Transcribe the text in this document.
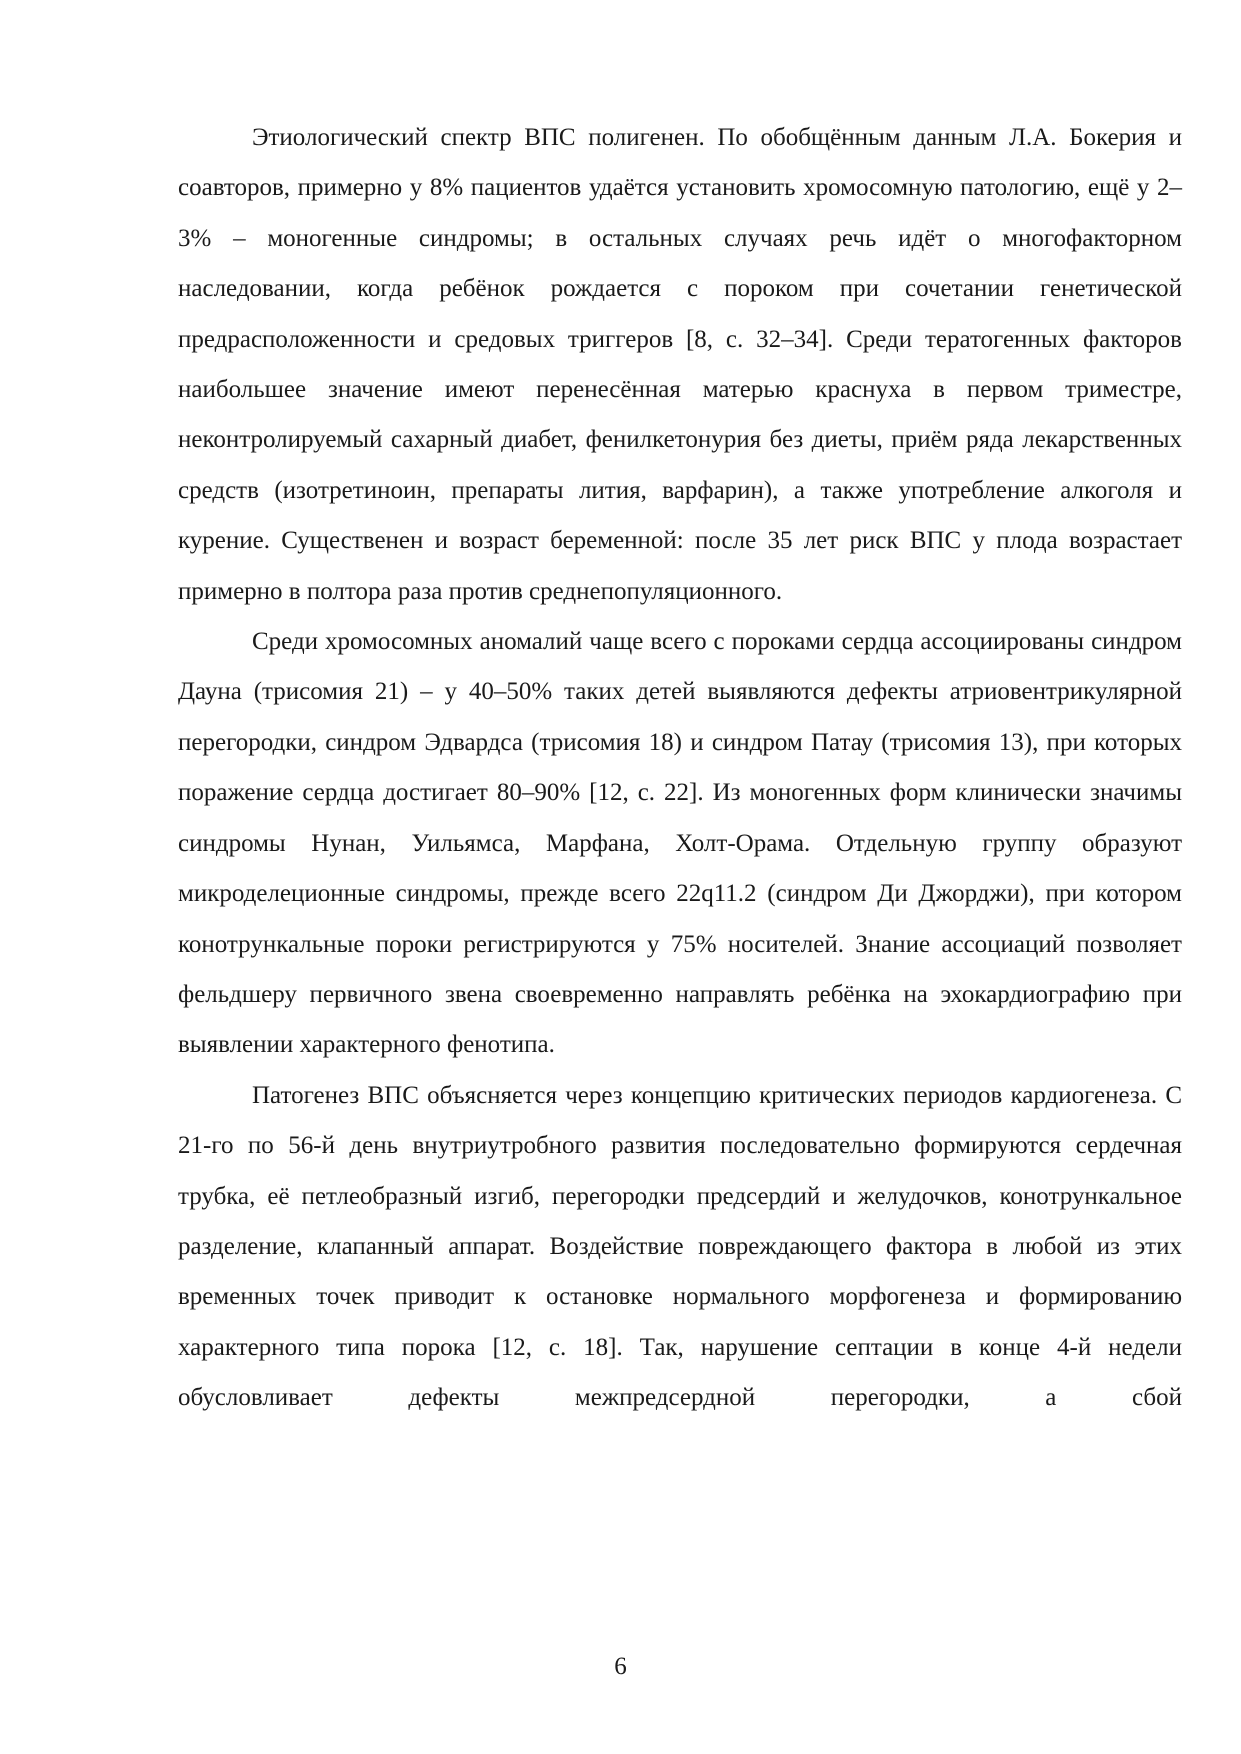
Этиологический спектр ВПС полигенен. По обобщённым данным Л.А. Бокерия и соавторов, примерно у 8% пациентов удаётся установить хромосомную патологию, ещё у 2–3% – моногенные синдромы; в остальных случаях речь идёт о многофакторном наследовании, когда ребёнок рождается с пороком при сочетании генетической предрасположенности и средовых триггеров [8, с. 32–34]. Среди тератогенных факторов наибольшее значение имеют перенесённая матерью краснуха в первом триместре, неконтролируемый сахарный диабет, фенилкетонурия без диеты, приём ряда лекарственных средств (изотретиноин, препараты лития, варфарин), а также употребление алкоголя и курение. Существенен и возраст беременной: после 35 лет риск ВПС у плода возрастает примерно в полтора раза против среднепопуляционного.

Среди хромосомных аномалий чаще всего с пороками сердца ассоциированы синдром Дауна (трисомия 21) – у 40–50% таких детей выявляются дефекты атриовентрикулярной перегородки, синдром Эдвардса (трисомия 18) и синдром Патау (трисомия 13), при которых поражение сердца достигает 80–90% [12, с. 22]. Из моногенных форм клинически значимы синдромы Нунан, Уильямса, Марфана, Холт-Орама. Отдельную группу образуют микроделеционные синдромы, прежде всего 22q11.2 (синдром Ди Джорджи), при котором конотрункальные пороки регистрируются у 75% носителей. Знание ассоциаций позволяет фельдшеру первичного звена своевременно направлять ребёнка на эхокардиографию при выявлении характерного фенотипа.

Патогенез ВПС объясняется через концепцию критических периодов кардиогенеза. С 21-го по 56-й день внутриутробного развития последовательно формируются сердечная трубка, её петлеобразный изгиб, перегородки предсердий и желудочков, конотрункальное разделение, клапанный аппарат. Воздействие повреждающего фактора в любой из этих временных точек приводит к остановке нормального морфогенеза и формированию характерного типа порока [12, с. 18]. Так, нарушение септации в конце 4-й недели обусловливает дефекты межпредсердной перегородки, а сбой

6
